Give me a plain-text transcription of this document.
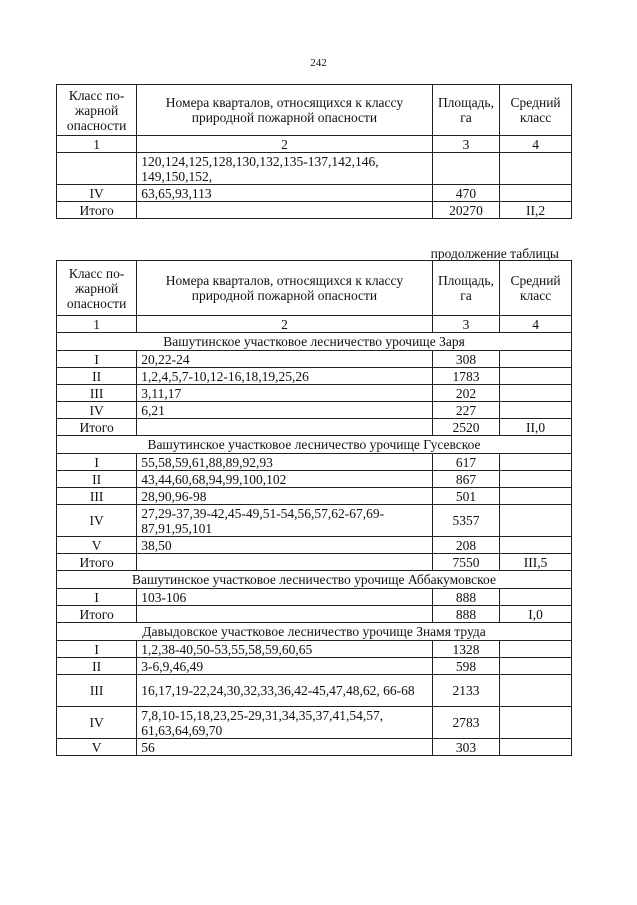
242
Класс по-жарной опасности	Номера кварталов, относящихся к классу природной пожарной опасности	Площадь, га	Средний класс
1	2	3	4
	120,124,125,128,130,132,135-137,142,146, 149,150,152,		
IV	63,65,93,113	470	
Итого		20270	II,2
продолжение таблицы
Класс по-жарной опасности	Номера кварталов, относящихся к классу природной пожарной опасности	Площадь, га	Средний класс
1	2	3	4
Вашутинское участковое лесничество урочище Заря			
I	20,22-24	308	
II	1,2,4,5,7-10,12-16,18,19,25,26	1783	
III	3,11,17	202	
IV	6,21	227	
Итого		2520	II,0
Вашутинское участковое лесничество урочище Гусевское			
I	55,58,59,61,88,89,92,93	617	
II	43,44,60,68,94,99,100,102	867	
III	28,90,96-98	501	
IV	27,29-37,39-42,45-49,51-54,56,57,62-67,69-87,91,95,101	5357	
V	38,50	208	
Итого		7550	III,5
Вашутинское участковое лесничество урочище Аббакумовское			
I	103-106	888	
Итого		888	I,0
Давыдовское участковое лесничество урочище Знамя труда			
I	1,2,38-40,50-53,55,58,59,60,65	1328	
II	3-6,9,46,49	598	
III	16,17,19-22,24,30,32,33,36,42-45,47,48,62, 66-68	2133	
IV	7,8,10-15,18,23,25-29,31,34,35,37,41,54,57, 61,63,64,69,70	2783	
V	56	303	
